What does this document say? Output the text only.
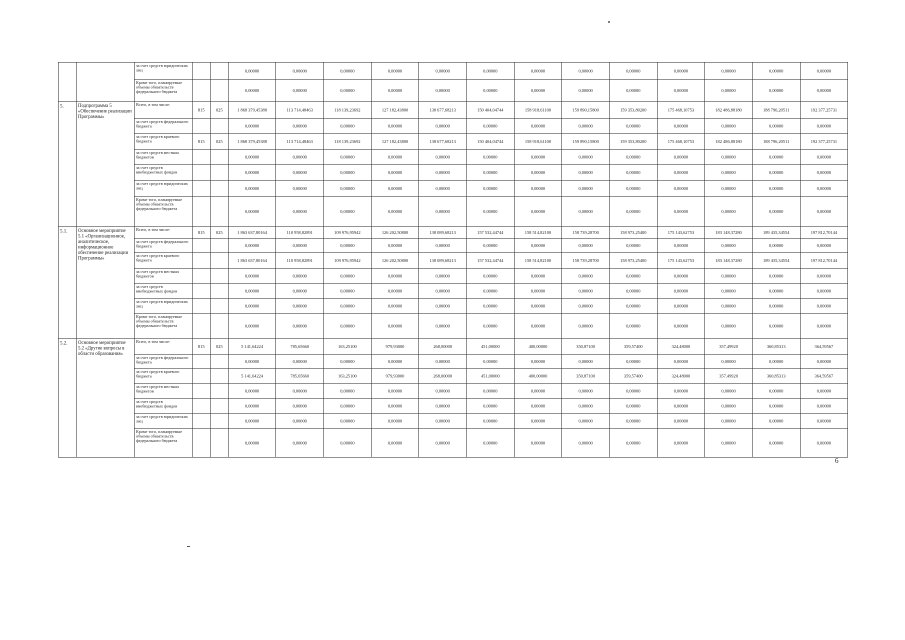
		за счет средств юридических лиц			0,00000	0,00000	0,00000	0,00000	0,00000	0,00000	0,00000	0,00000	0,00000	0,00000	0,00000	0,00000	0,00000
		Кроме того, планируемые объемы обязательств федерального бюджета			0,00000	0,00000	0,00000	0,00000	0,00000	0,00000	0,00000	0,00000	0,00000	0,00000	0,00000	0,00000	0,00000
5.	Подпрограмма 5 «Обеспечение реализации Программы»	Всего, в том числе:	815	025	1 868 379,45388	113 714,48463	118 139,23692	127 182,43800	138 677,68213	150 404,04744	158 918,61100	159 890,15800	159 353,80200	175 468,10753	182 486,88180	188 796,20511	192 377,25731
		за счет средств федерального бюджета			0,00000	0,00000	0,00000	0,00000	0,00000	0,00000	0,00000	0,00000	0,00000	0,00000	0,00000	0,00000	0,00000
		за счет средств краевого бюджета	815	025	1 868 379,45388	113 714,48463	118 139,23692	127 182,43800	138 677,68213	150 404,04744	158 918,61100	159 890,15800	159 353,80200	175 468,10753	182 486,88180	188 796,20511	192 377,25731
		за счет средств местных бюджетов			0,00000	0,00000	0,00000	0,00000	0,00000	0,00000	0,00000	0,00000	0,00000	0,00000	0,00000	0,00000	0,00000
		за счет средств внебюджетных фондов			0,00000	0,00000	0,00000	0,00000	0,00000	0,00000	0,00000	0,00000	0,00000	0,00000	0,00000	0,00000	0,00000
		за счет средств юридических лиц			0,00000	0,00000	0,00000	0,00000	0,00000	0,00000	0,00000	0,00000	0,00000	0,00000	0,00000	0,00000	0,00000
		Кроме того, планируемые объемы обязательств федерального бюджета			0,00000	0,00000	0,00000	0,00000	0,00000	0,00000	0,00000	0,00000	0,00000	0,00000	0,00000	0,00000	0,00000
5.1.	Основное мероприятие 5.1 «Организационное, аналитическое, информационное обеспечение реализации Программы»	Всего, в том числе:	815	025	1 863 637,80164	110 958,82891	109 976,95942	126 202,50800	138 089,68213	157 532,44744	158 514,82100	158 739,28700	158 973,25400	175 143,62753	183 148,37280	189 435,34554	197 812,70144
		за счет средств федерального бюджета			0,00000	0,00000	0,00000	0,00000	0,00000	0,00000	0,00000	0,00000	0,00000	0,00000	0,00000	0,00000	0,00000
		за счет средств краевого бюджета			1 863 637,80164	110 958,82891	109 976,95942	126 202,50800	138 089,68213	157 532,44744	158 514,82100	158 739,28700	158 973,25400	175 143,62753	183 148,37280	189 435,34554	197 812,70144
		за счет средств местных бюджетов			0,00000	0,00000	0,00000	0,00000	0,00000	0,00000	0,00000	0,00000	0,00000	0,00000	0,00000	0,00000	0,00000
		за счет средств внебюджетных фондов			0,00000	0,00000	0,00000	0,00000	0,00000	0,00000	0,00000	0,00000	0,00000	0,00000	0,00000	0,00000	0,00000
		за счет средств юридических лиц			0,00000	0,00000	0,00000	0,00000	0,00000	0,00000	0,00000	0,00000	0,00000	0,00000	0,00000	0,00000	0,00000
		Кроме того, планируемые объемы обязательств федерального бюджета			0,00000	0,00000	0,00000	0,00000	0,00000	0,00000	0,00000	0,00000	0,00000	0,00000	0,00000	0,00000	0,00000
5.2.	Основное мероприятие 5.2 «Другие вопросы в области образования»	Всего, в том числе:	815	025	5 141,64224	785,65660	163,25100	979,93000	268,00000	451,00000	400,00000	350,87100	359,57400	324,48000	357,49920	360,85313	364,59567
		за счет средств федерального бюджета			0,00000	0,00000	0,00000	0,00000	0,00000	0,00000	0,00000	0,00000	0,00000	0,00000	0,00000	0,00000	0,00000
		за счет средств краевого бюджета			5 141,64224	785,65660	163,25100	979,93000	268,00000	451,00000	400,00000	350,87100	359,57400	324,48000	357,49920	360,85313	364,59567
		за счет средств местных бюджетов			0,00000	0,00000	0,00000	0,00000	0,00000	0,00000	0,00000	0,00000	0,00000	0,00000	0,00000	0,00000	0,00000
		за счет средств внебюджетных фондов			0,00000	0,00000	0,00000	0,00000	0,00000	0,00000	0,00000	0,00000	0,00000	0,00000	0,00000	0,00000	0,00000
		за счет средств юридических лиц			0,00000	0,00000	0,00000	0,00000	0,00000	0,00000	0,00000	0,00000	0,00000	0,00000	0,00000	0,00000	0,00000
		Кроме того, планируемые объемы обязательств федерального бюджета			0,00000	0,00000	0,00000	0,00000	0,00000	0,00000	0,00000	0,00000	0,00000	0,00000	0,00000	0,00000	0,00000
6
